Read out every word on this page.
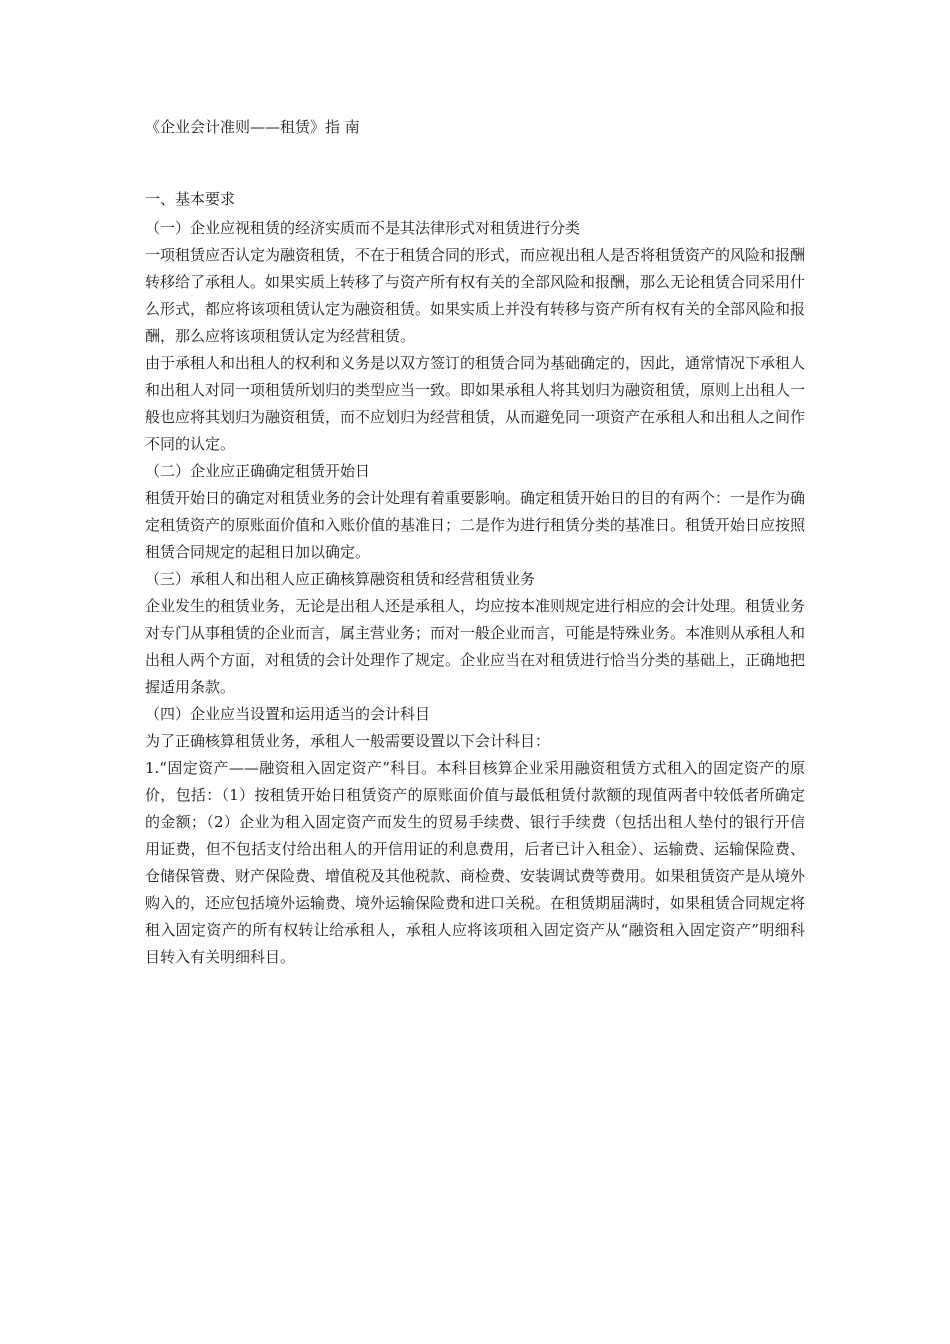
《企业会计准则——租赁》指 南

一、基本要求

（一）企业应视租赁的经济实质而不是其法律形式对租赁进行分类

一项租赁应否认定为融资租赁，不在于租赁合同的形式，而应视出租人是否将租赁资产的风险和报酬转移给了承租人。如果实质上转移了与资产所有权有关的全部风险和报酬，那么无论租赁合同采用什么形式，都应将该项租赁认定为融资租赁。如果实质上并没有转移与资产所有权有关的全部风险和报酬，那么应将该项租赁认定为经营租赁。

由于承租人和出租人的权利和义务是以双方签订的租赁合同为基础确定的，因此，通常情况下承租人和出租人对同一项租赁所划归的类型应当一致。即如果承租人将其划归为融资租赁，原则上出租人一般也应将其划归为融资租赁，而不应划归为经营租赁，从而避免同一项资产在承租人和出租人之间作不同的认定。

（二）企业应正确确定租赁开始日

租赁开始日的确定对租赁业务的会计处理有着重要影响。确定租赁开始日的目的有两个：一是作为确定租赁资产的原账面价值和入账价值的基准日；二是作为进行租赁分类的基准日。租赁开始日应按照租赁合同规定的起租日加以确定。

（三）承租人和出租人应正确核算融资租赁和经营租赁业务

企业发生的租赁业务，无论是出租人还是承租人，均应按本准则规定进行相应的会计处理。租赁业务对专门从事租赁的企业而言，属主营业务；而对一般企业而言，可能是特殊业务。本准则从承租人和出租人两个方面，对租赁的会计处理作了规定。企业应当在对租赁进行恰当分类的基础上，正确地把握适用条款。

（四）企业应当设置和运用适当的会计科目

为了正确核算租赁业务，承租人一般需要设置以下会计科目：

1.“固定资产——融资租入固定资产”科目。本科目核算企业采用融资租赁方式租入的固定资产的原价，包括：（1）按租赁开始日租赁资产的原账面价值与最低租赁付款额的现值两者中较低者所确定的金额；（2）企业为租入固定资产而发生的贸易手续费、银行手续费（包括出租人垫付的银行开信用证费，但不包括支付给出租人的开信用证的利息费用，后者已计入租金）、运输费、运输保险费、仓储保管费、财产保险费、增值税及其他税款、商检费、安装调试费等费用。如果租赁资产是从境外购入的，还应包括境外运输费、境外运输保险费和进口关税。在租赁期届满时，如果租赁合同规定将租入固定资产的所有权转让给承租人，承租人应将该项租入固定资产从“融资租入固定资产”明细科目转入有关明细科目。
